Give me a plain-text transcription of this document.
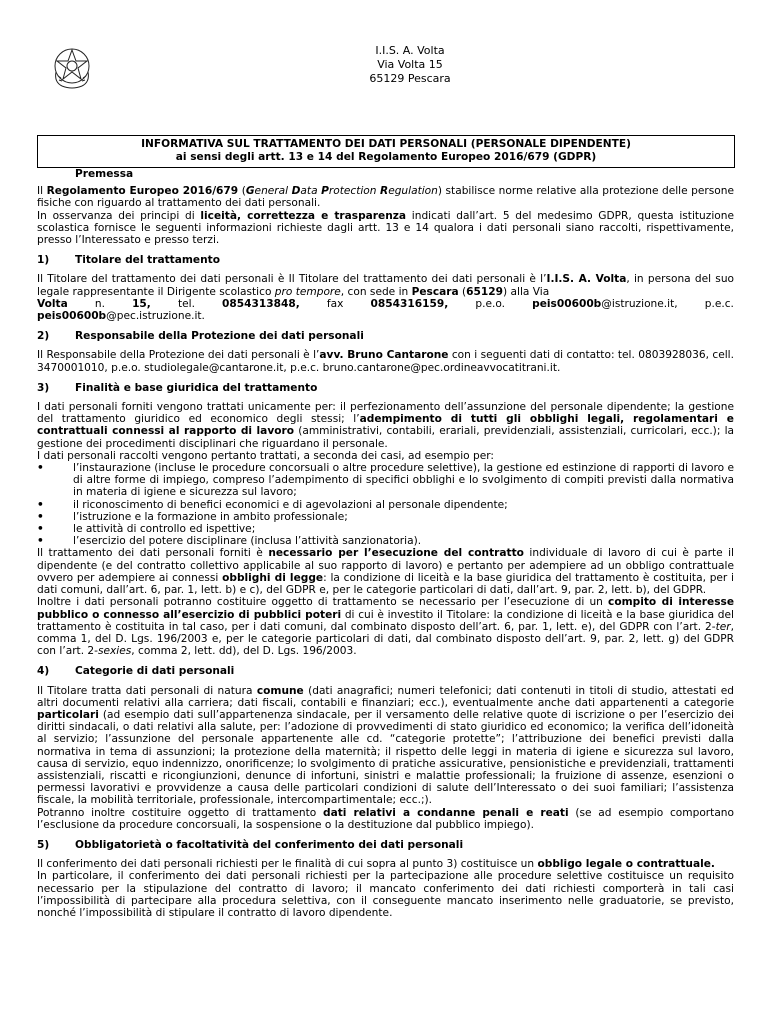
I.I.S. A. Volta
Via Volta 15
65129 Pescara
INFORMATIVA SUL TRATTAMENTO DEI DATI PERSONALI (PERSONALE DIPENDENTE)
ai sensi degli artt. 13 e 14 del Regolamento Europeo 2016/679 (GDPR)
Premessa

Il Regolamento Europeo 2016/679 (General Data Protection Regulation) stabilisce norme relative alla protezione delle persone fisiche con riguardo al trattamento dei dati personali.

In osservanza dei principi di liceità, correttezza e trasparenza indicati dall’art. 5 del medesimo GDPR, questa istituzione scolastica fornisce le seguenti informazioni richieste dagli artt. 13 e 14 qualora i dati personali siano raccolti, rispettivamente, presso l’Interessato e presso terzi.

1) Titolare del trattamento

Il Titolare del trattamento dei dati personali è Il Titolare del trattamento dei dati personali è l’I.I.S. A. Volta, in persona del suo legale rappresentante il Dirigente scolastico pro tempore, con sede in Pescara (65129) alla Via

Volta	n.	15,	tel.	0854313848,	fax	0854316159,	p.e.o.	peis00600b@istruzione.it,	p.e.c.

peis00600b@pec.istruzione.it.

2) Responsabile della Protezione dei dati personali

Il Responsabile della Protezione dei dati personali è l’avv. Bruno Cantarone con i seguenti dati di contatto: tel. 0803928036, cell. 3470001010, p.e.o. studiolegale@cantarone.it, p.e.c. bruno.cantarone@pec.ordineavvocatitrani.it.

3) Finalità e base giuridica del trattamento

I dati personali forniti vengono trattati unicamente per: il perfezionamento dell’assunzione del personale dipendente; la gestione del trattamento giuridico ed economico degli stessi; l’adempimento di tutti gli obblighi legali, regolamentari e contrattuali connessi al rapporto di lavoro (amministrativi, contabili, erariali, previdenziali, assistenziali, curricolari, ecc.); la gestione dei procedimenti disciplinari che riguardano il personale.

I dati personali raccolti vengono pertanto trattati, a seconda dei casi, ad esempio per:

•	l’instaurazione (incluse le procedure concorsuali o altre procedure selettive), la gestione ed estinzione di rapporti di lavoro e di altre forme di impiego, compreso l’adempimento di specifici obblighi e lo svolgimento di compiti previsti dalla normativa in materia di igiene e sicurezza sul lavoro;
•	il riconoscimento di benefici economici e di agevolazioni al personale dipendente;
•	l’istruzione e la formazione in ambito professionale;
•	le attività di controllo ed ispettive;
•	l’esercizio del potere disciplinare (inclusa l’attività sanzionatoria).

Il trattamento dei dati personali forniti è necessario per l’esecuzione del contratto individuale di lavoro di cui è parte il dipendente (e del contratto collettivo applicabile al suo rapporto di lavoro) e pertanto per adempiere ad un obbligo contrattuale ovvero per adempiere ai connessi obblighi di legge: la condizione di liceità e la base giuridica del trattamento è costituita, per i dati comuni, dall’art. 6, par. 1, lett. b) e c), del GDPR e, per le categorie particolari di dati, dall’art. 9, par. 2, lett. b), del GDPR.

Inoltre i dati personali potranno costituire oggetto di trattamento se necessario per l’esecuzione di un compito di interesse pubblico o connesso all’esercizio di pubblici poteri di cui è investito il Titolare: la condizione di liceità e la base giuridica del trattamento è costituita in tal caso, per i dati comuni, dal combinato disposto dell’art. 6, par. 1, lett. e), del GDPR con l’art. 2-ter, comma 1, del D. Lgs. 196/2003 e, per le categorie particolari di dati, dal combinato disposto dell’art. 9, par. 2, lett. g) del GDPR con l’art. 2-sexies, comma 2, lett. dd), del D. Lgs. 196/2003.

4) Categorie di dati personali

Il Titolare tratta dati personali di natura comune (dati anagrafici; numeri telefonici; dati contenuti in titoli di studio, attestati ed altri documenti relativi alla carriera; dati fiscali, contabili e finanziari; ecc.), eventualmente anche dati appartenenti a categorie particolari (ad esempio dati sull’appartenenza sindacale, per il versamento delle relative quote di iscrizione o per l’esercizio dei diritti sindacali, o dati relativi alla salute, per: l’adozione di provvedimenti di stato giuridico ed economico; la verifica dell’idoneità al servizio; l’assunzione del personale appartenente alle cd. “categorie protette”; l’attribuzione dei benefici previsti dalla normativa in tema di assunzioni; la protezione della maternità; il rispetto delle leggi in materia di igiene e sicurezza sul lavoro, causa di servizio, equo indennizzo, onorificenze; lo svolgimento di pratiche assicurative, pensionistiche e previdenziali, trattamenti assistenziali, riscatti e ricongiunzioni, denunce di infortuni, sinistri e malattie professionali; la fruizione di assenze, esenzioni o permessi lavorativi e provvidenze a causa delle particolari condizioni di salute dell’Interessato o dei suoi familiari; l’assistenza fiscale, la mobilità territoriale, professionale, intercompartimentale; ecc.;).

Potranno inoltre costituire oggetto di trattamento dati relativi a condanne penali e reati (se ad esempio comportano l’esclusione da procedure concorsuali, la sospensione o la destituzione dal pubblico impiego).

5) Obbligatorietà o facoltatività del conferimento dei dati personali

Il conferimento dei dati personali richiesti per le finalità di cui sopra al punto 3) costituisce un obbligo legale o contrattuale.

In particolare, il conferimento dei dati personali richiesti per la partecipazione alle procedure selettive costituisce un requisito necessario per la stipulazione del contratto di lavoro; il mancato conferimento dei dati richiesti comporterà in tali casi l’impossibilità di partecipare alla procedura selettiva, con il conseguente mancato inserimento nelle graduatorie, se previsto, nonché l’impossibilità di stipulare il contratto di lavoro dipendente.
